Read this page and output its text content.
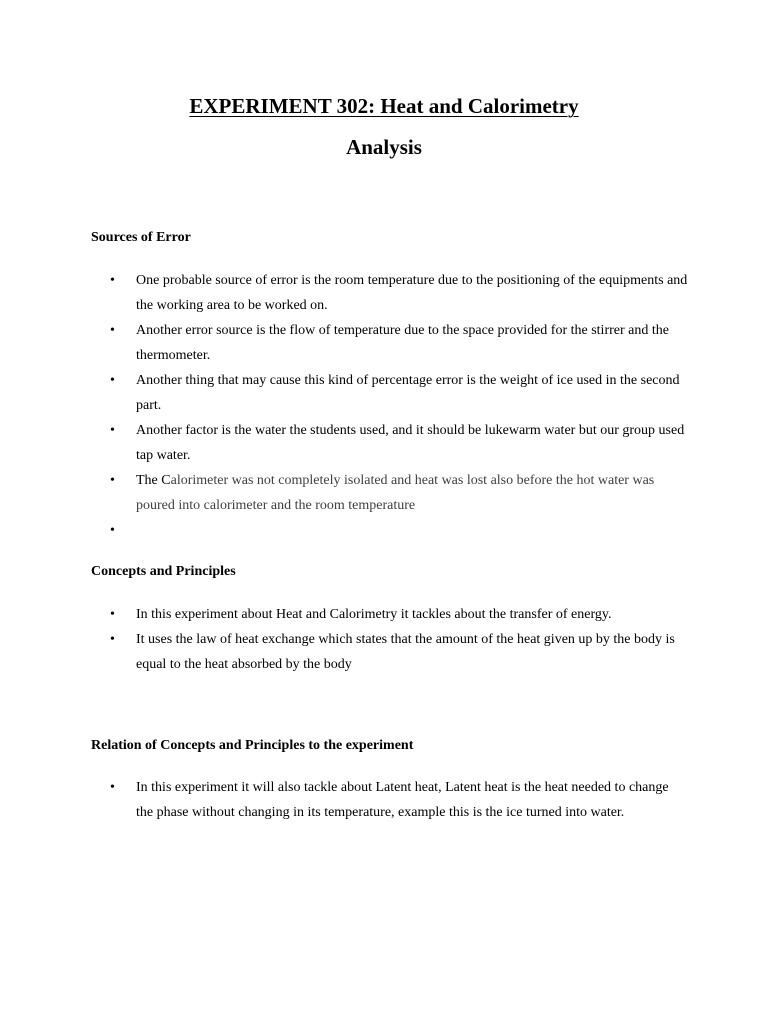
EXPERIMENT 302: Heat and Calorimetry
Analysis
Sources of Error
• One probable source of error is the room temperature due to the positioning of the equipments and the working area to be worked on.
• Another error source is the flow of temperature due to the space provided for the stirrer and the thermometer.
• Another thing that may cause this kind of percentage error is the weight of ice used in the second part.
• Another factor is the water the students used, and it should be lukewarm water but our group used tap water.
• The Calorimeter was not completely isolated and heat was lost also before the hot water was poured into calorimeter and the room temperature
•
Concepts and Principles
• In this experiment about Heat and Calorimetry it tackles about the transfer of energy.
• It uses the law of heat exchange which states that the amount of the heat given up by the body is equal to the heat absorbed by the body
Relation of Concepts and Principles to the experiment
• In this experiment it will also tackle about Latent heat, Latent heat is the heat needed to change the phase without changing in its temperature, example this is the ice turned into water.
